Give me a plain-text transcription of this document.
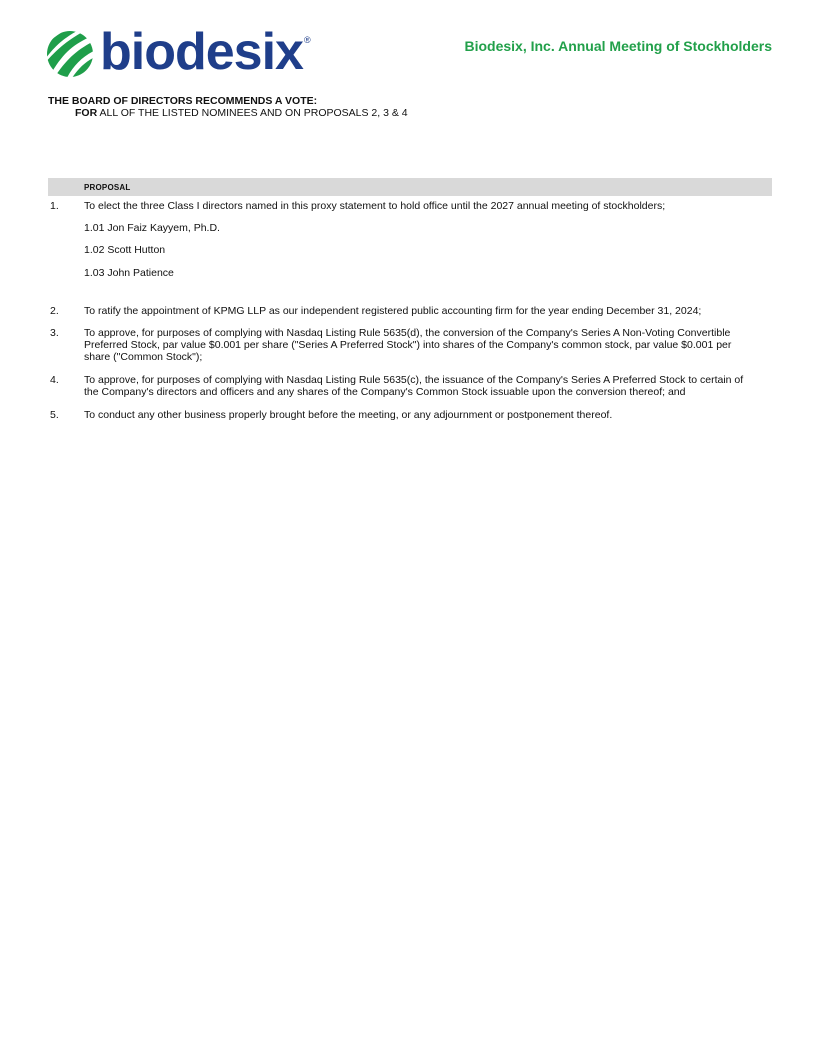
biodesix ®	Biodesix, Inc. Annual Meeting of Stockholders
THE BOARD OF DIRECTORS RECOMMENDS A VOTE:
FOR ALL OF THE LISTED NOMINEES AND ON PROPOSALS 2, 3 & 4
PROPOSAL
1. To elect the three Class I directors named in this proxy statement to hold office until the 2027 annual meeting of stockholders;
1.01 Jon Faiz Kayyem, Ph.D.
1.02 Scott Hutton
1.03 John Patience
2. To ratify the appointment of KPMG LLP as our independent registered public accounting firm for the year ending December 31, 2024;
3. To approve, for purposes of complying with Nasdaq Listing Rule 5635(d), the conversion of the Company's Series A Non-Voting Convertible Preferred Stock, par value $0.001 per share ("Series A Preferred Stock") into shares of the Company's common stock, par value $0.001 per share ("Common Stock");
4. To approve, for purposes of complying with Nasdaq Listing Rule 5635(c), the issuance of the Company's Series A Preferred Stock to certain of the Company's directors and officers and any shares of the Company's Common Stock issuable upon the conversion thereof; and
5. To conduct any other business properly brought before the meeting, or any adjournment or postponement thereof.
